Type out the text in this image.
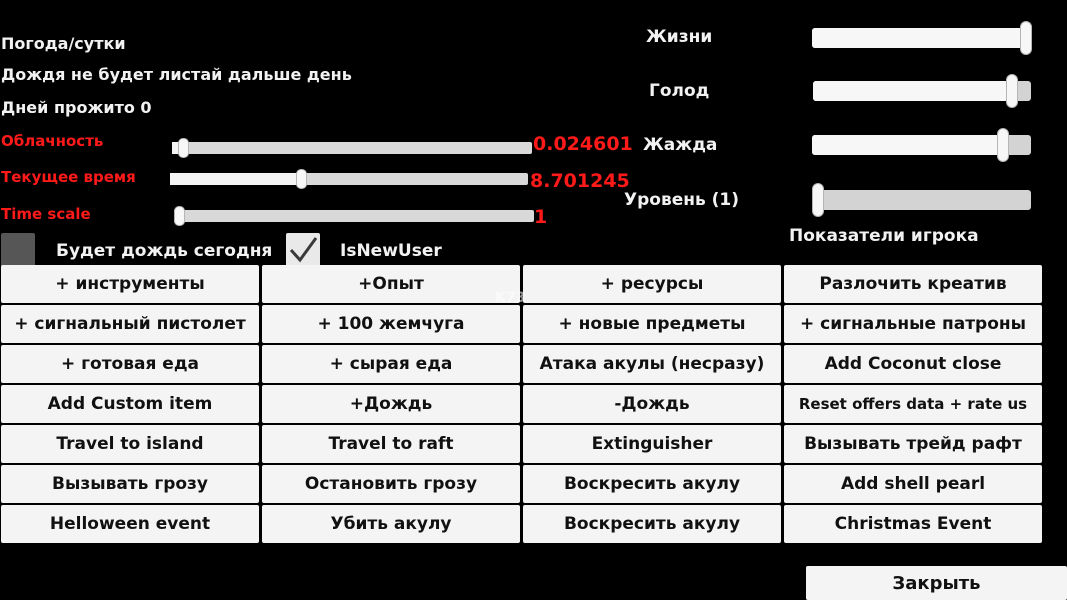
Погода/сутки
Дождя не будет листай дальше день
Дней прожито 0
Облачность	0.024601
Текущее время	8.701245
Time scale	1
Будет дождь сегодня	IsNewUser
Жизни
Голод
Жажда
Уровень (1)
Показатели игрока
+ инструменты	+Опыт	+ ресурсы	Разлочить креатив
+ сигнальный пистолет	+ 100 жемчуга	+ новые предметы	+ сигнальные патроны
+ готовая еда	+ сырая еда	Атака акулы (несразу)	Add Coconut close
Add Custom item	+Дождь	-Дождь	Reset offers data + rate us
Travel to island	Travel to raft	Extinguisher	Вызывать трейд рафт
Вызывать грозу	Остановить грозу	Воскресить акулу	Add shell pearl
Helloween event	Убить акулу	Воскресить акулу	Christmas Event
K73
Закрыть
